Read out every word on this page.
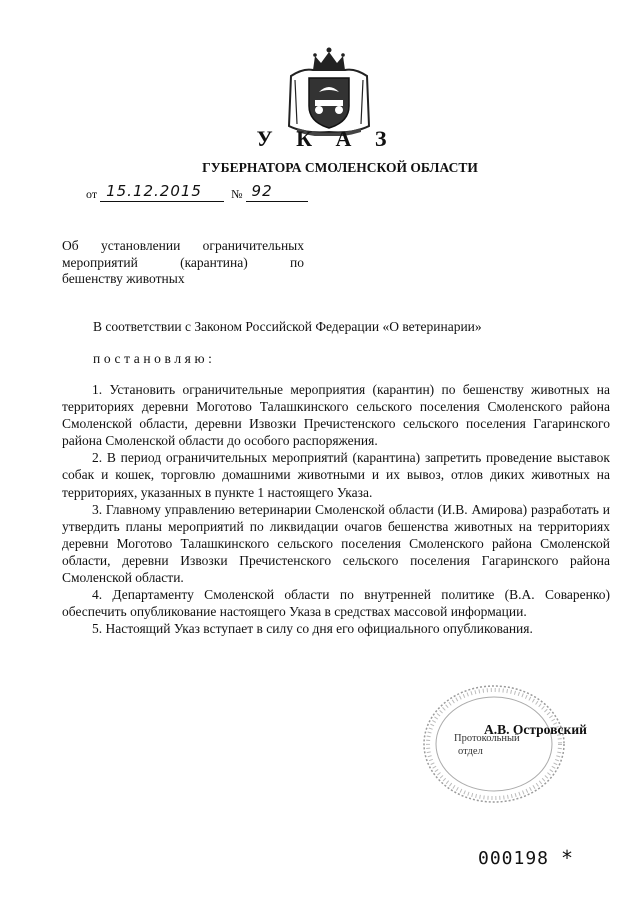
У К А З
ГУБЕРНАТОРА СМОЛЕНСКОЙ ОБЛАСТИ
от 15.12.2015 № 92
Об установлении ограничительных
мероприятий (карантина) по
бешенству животных
В соответствии с Законом Российской Федерации «О ветеринарии»
постановляю:

1. Установить ограничительные мероприятия (карантин) по бешенству животных на территориях деревни Моготово Талашкинского сельского поселения Смоленского района Смоленской области, деревни Извозки Пречистенского сельского поселения Гагаринского района Смоленской области до особого распоряжения.

2. В период ограничительных мероприятий (карантина) запретить проведение выставок собак и кошек, торговлю домашними животными и их вывоз, отлов диких животных на территориях, указанных в пункте 1 настоящего Указа.

3. Главному управлению ветеринарии Смоленской области (И.В. Амирова) разработать и утвердить планы мероприятий по ликвидации очагов бешенства животных на территориях деревни Моготово Талашкинского сельского поселения Смоленского района Смоленской области, деревни Извозки Пречистенского сельского поселения Гагаринского района Смоленской области.

4. Департаменту Смоленской области по внутренней политике (В.А. Соваренко) обеспечить опубликование настоящего Указа в средствах массовой информации.

5. Настоящий Указ вступает в силу со дня его официального опубликования.

А.В. Островский
Протокольный
отдел
000198 *
